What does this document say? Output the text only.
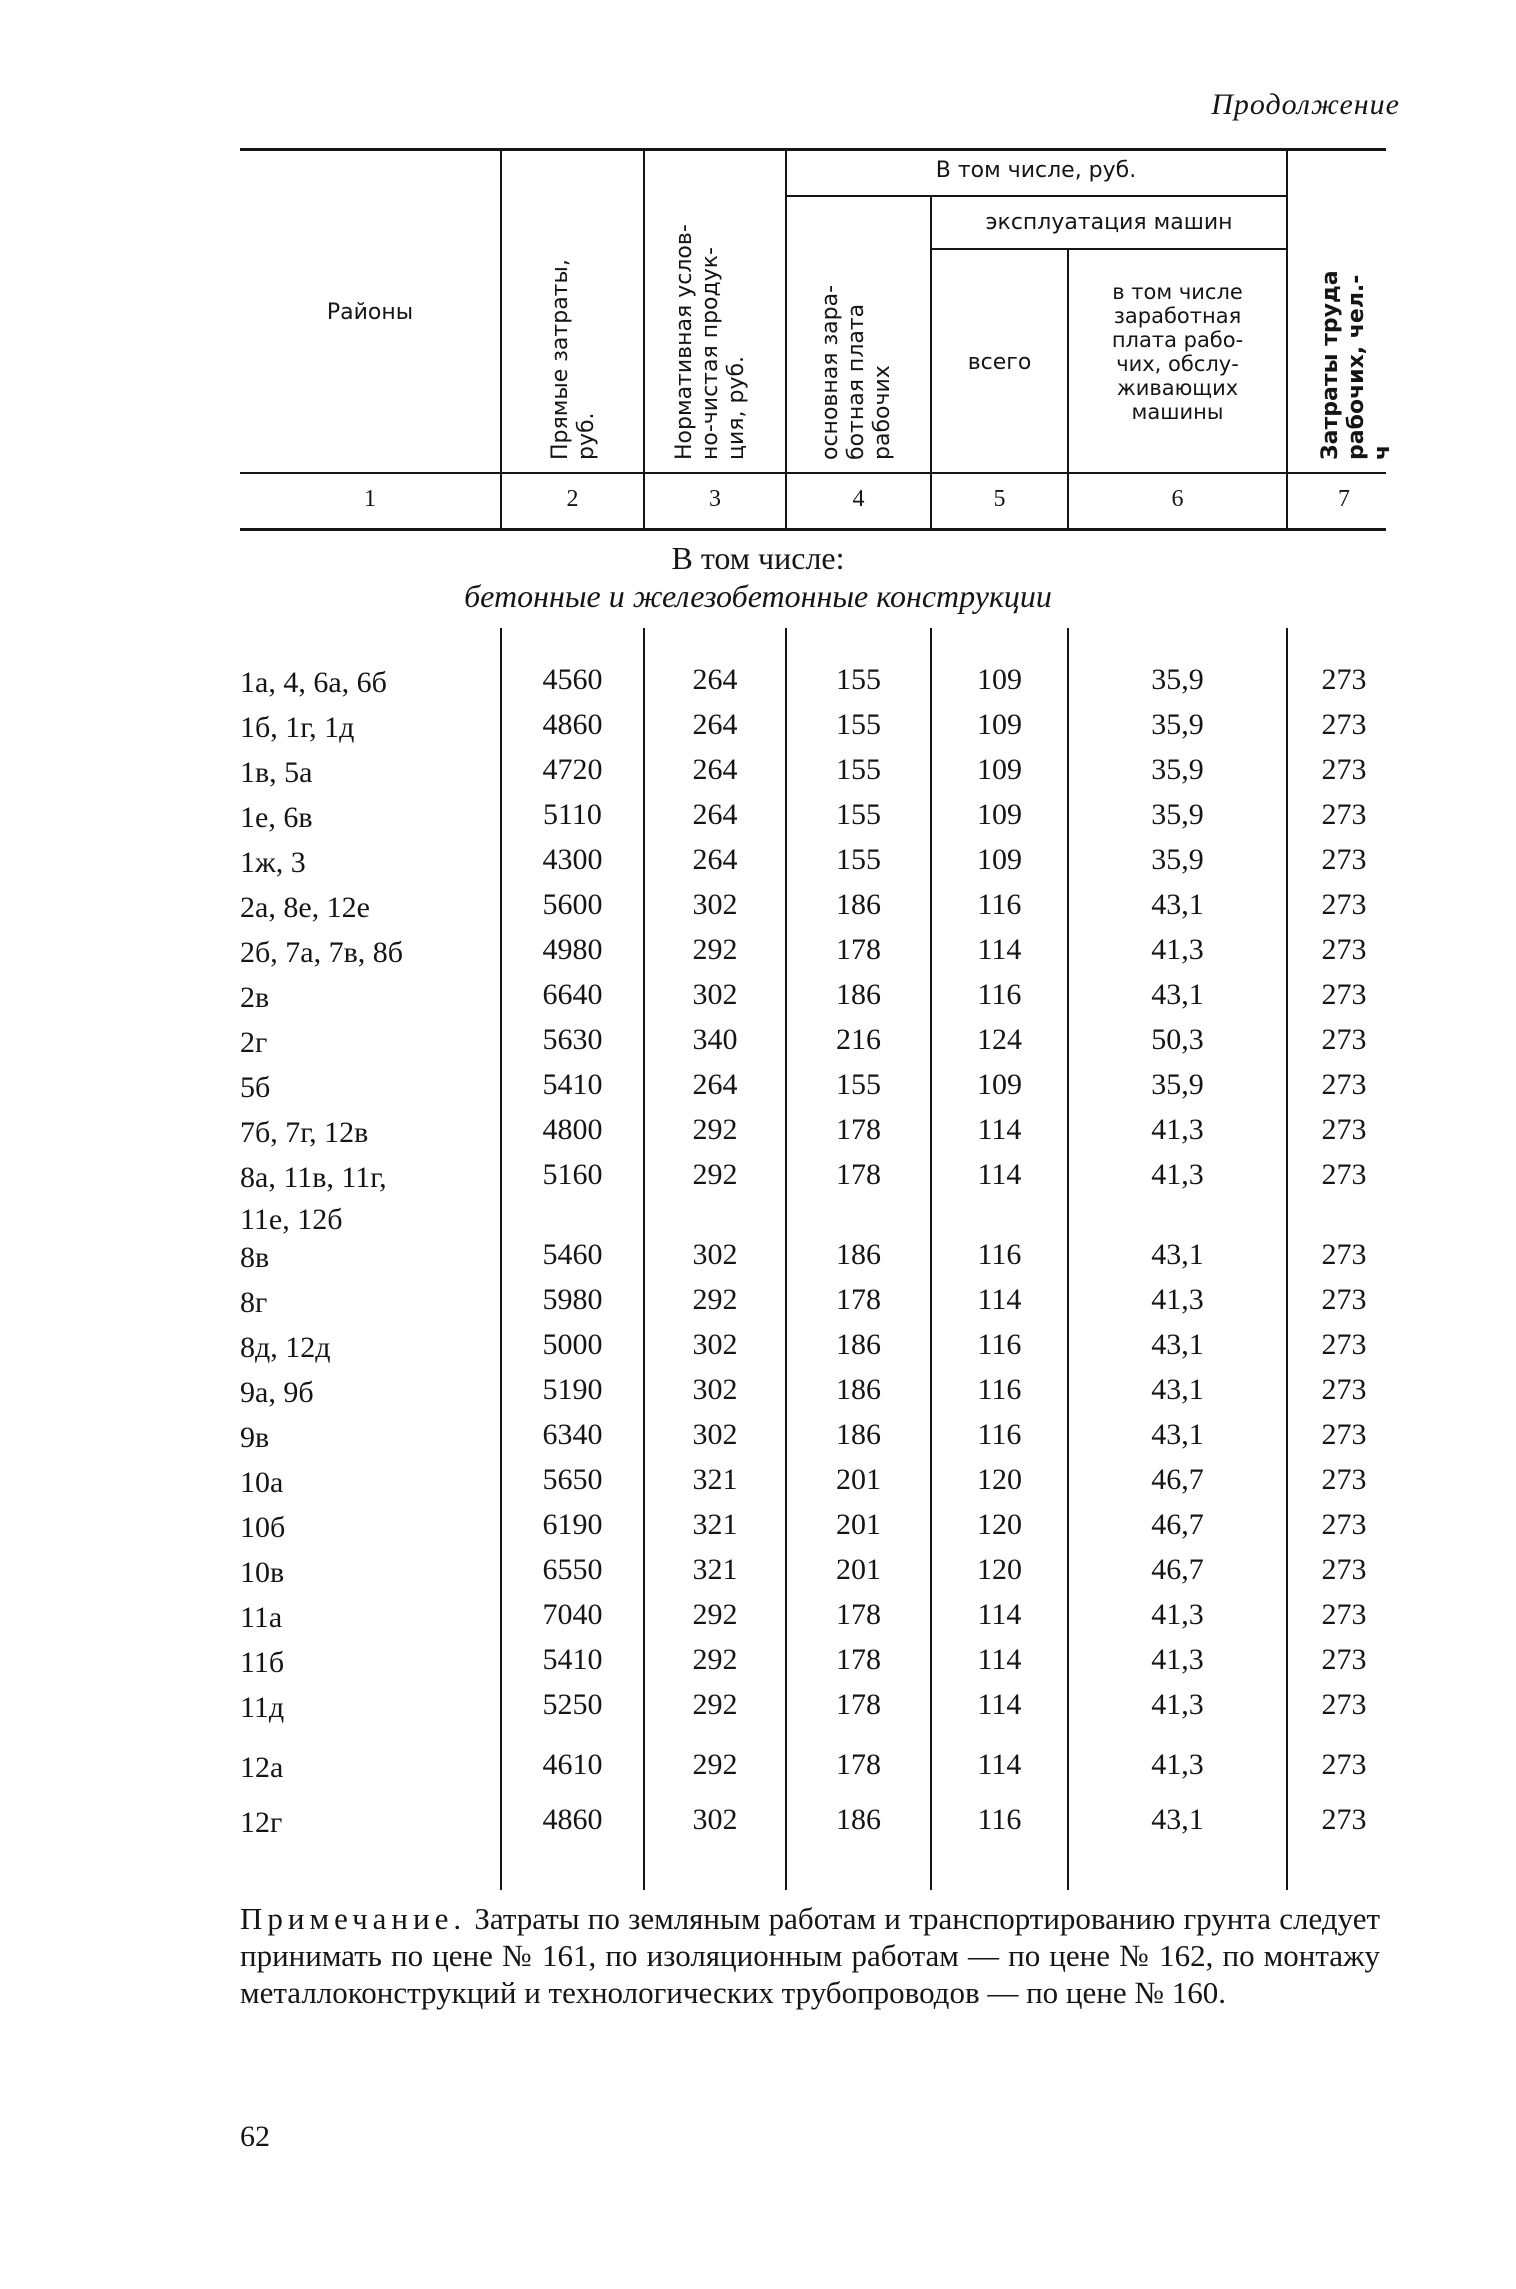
Продолжение
Районы
Прямые затраты,
руб.	Нормативная услов-
но-чистая продук-
ция, руб.
В том числе, руб.
основная зара-
ботная плата
рабочих
эксплуатация машин
всего
в том числе
заработная
плата рабо-
чих, обслу-
живающих
машины	Затраты труда
рабочих, чел.-ч
1	2	3	4	5	6	7
В том числе:
бетонные и железобетонные конструкции
1а, 4, 6а, 6б	4560	264	155	109	35,9	273
1б, 1г, 1д	4860	264	155	109	35,9	273
1в, 5а	4720	264	155	109	35,9	273
1е, 6в	5110	264	155	109	35,9	273
1ж, 3	4300	264	155	109	35,9	273
2а, 8е, 12е	5600	302	186	116	43,1	273
2б, 7а, 7в, 8б	4980	292	178	114	41,3	273
2в	6640	302	186	116	43,1	273
2г	5630	340	216	124	50,3	273
5б	5410	264	155	109	35,9	273
7б, 7г, 12в	4800	292	178	114	41,3	273
8а, 11в, 11г,
11е, 12б
5160	292	178	114	41,3	273
8в	5460	302	186	116	43,1	273
8г	5980	292	178	114	41,3	273
8д, 12д	5000	302	186	116	43,1	273
9а, 9б	5190	302	186	116	43,1	273
9в	6340	302	186	116	43,1	273
10а	5650	321	201	120	46,7	273
10б	6190	321	201	120	46,7	273
10в	6550	321	201	120	46,7	273
11а	7040	292	178	114	41,3	273
11б	5410	292	178	114	41,3	273
11д	5250	292	178	114	41,3	273
12а	4610	292	178	114	41,3	273
12г	4860	302	186	116	43,1	273
Примечание. Затраты по земляным работам и транспортированию грунта следует принимать по цене № 161, по изоляционным работам — по цене № 162, по монтажу металлоконструкций и технологических трубопроводов — по цене № 160.
62
